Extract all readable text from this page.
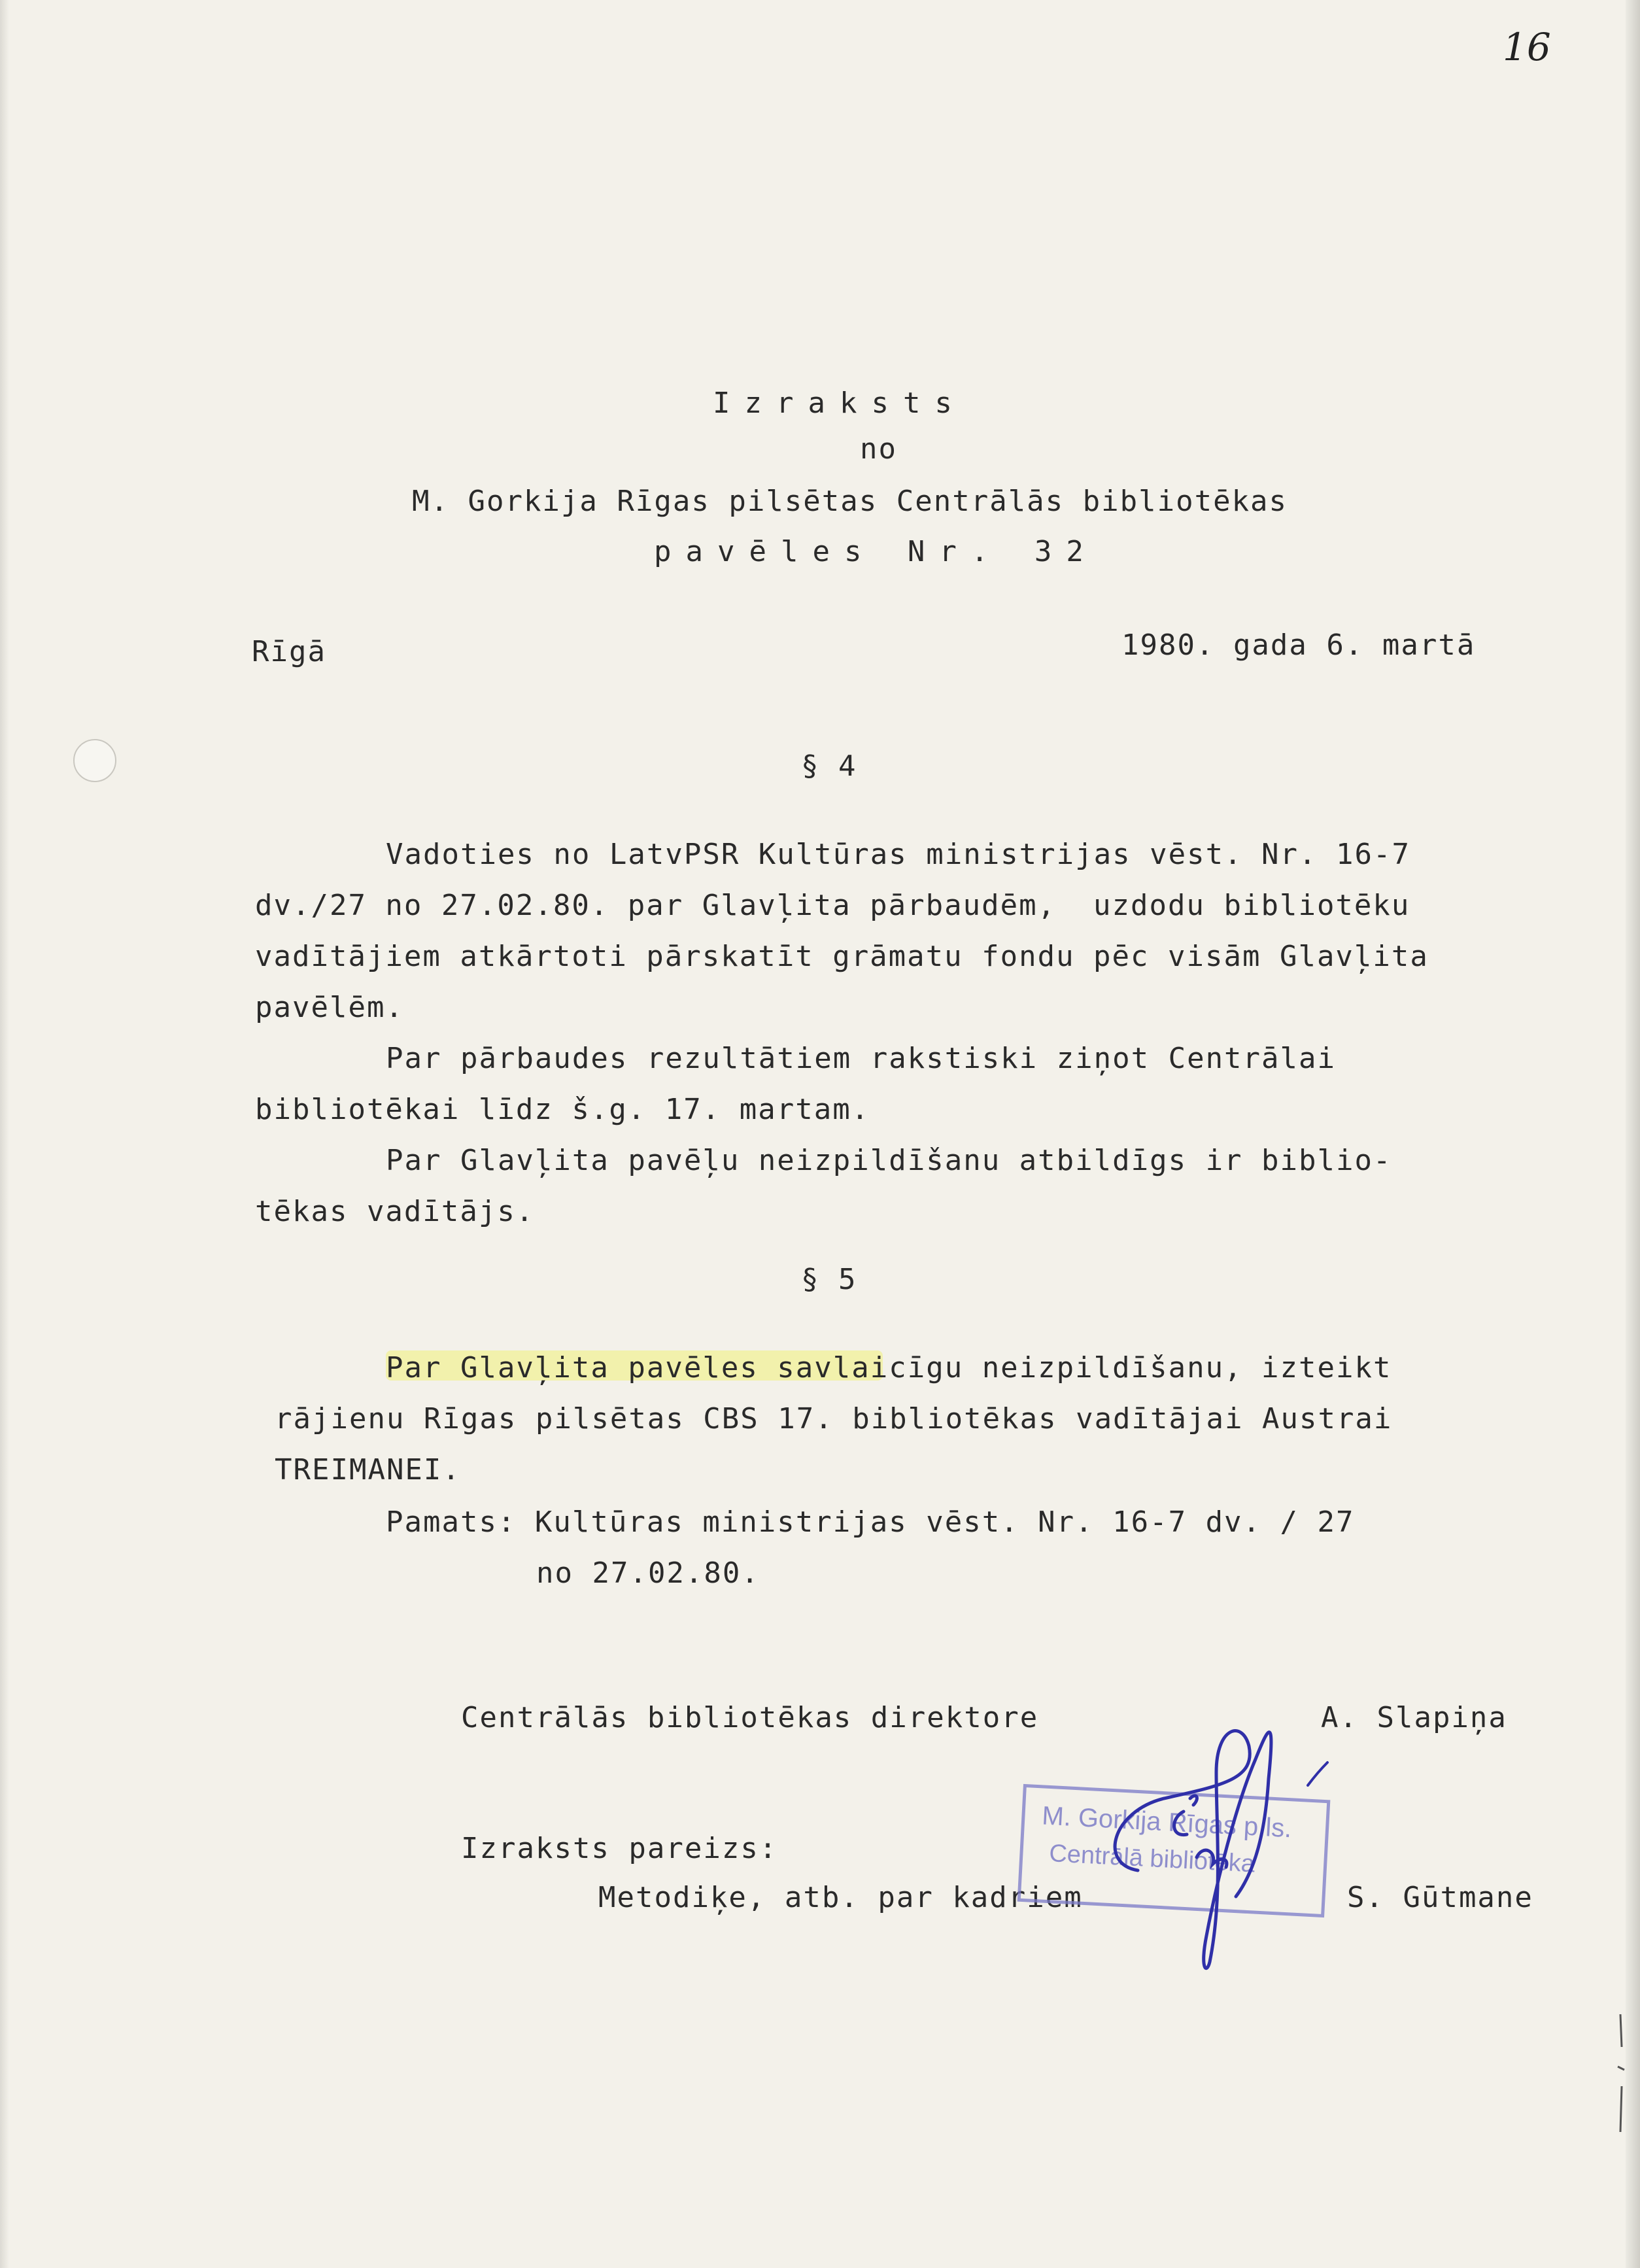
16
Izraksts
no
M. Gorkija Rīgas pilsētas Centrālās bibliotēkas
pavēles Nr. 32
Rīgā	1980. gada 6. martā
§ 4
Vadoties no LatvPSR Kultūras ministrijas vēst. Nr. 16-7
dv./27 no 27.02.80. par Glavļita pārbaudēm,  uzdodu bibliotēku
vadītājiem atkārtoti pārskatīt grāmatu fondu pēc visām Glavļita
pavēlēm.
Par pārbaudes rezultātiem rakstiski ziņot Centrālai
bibliotēkai līdz š.g. 17. martam.
Par Glavļita pavēļu neizpildīšanu atbildīgs ir biblio-
tēkas vadītājs.
§ 5
Par Glavļita pavēles savlaicīgu neizpildīšanu, izteikt
rājienu Rīgas pilsētas CBS 17. bibliotēkas vadītājai Austrai
TREIMANEI.
Pamats: Kultūras ministrijas vēst. Nr. 16-7 dv. / 27
no 27.02.80.
Centrālās bibliotēkas direktore	A. Slapiņa
Izraksts pareizs:
Metodiķe, atb. par kadriem	S. Gūtmane
M. Gorkija Rīgas p.ls.
Centrālā bibliotēka
